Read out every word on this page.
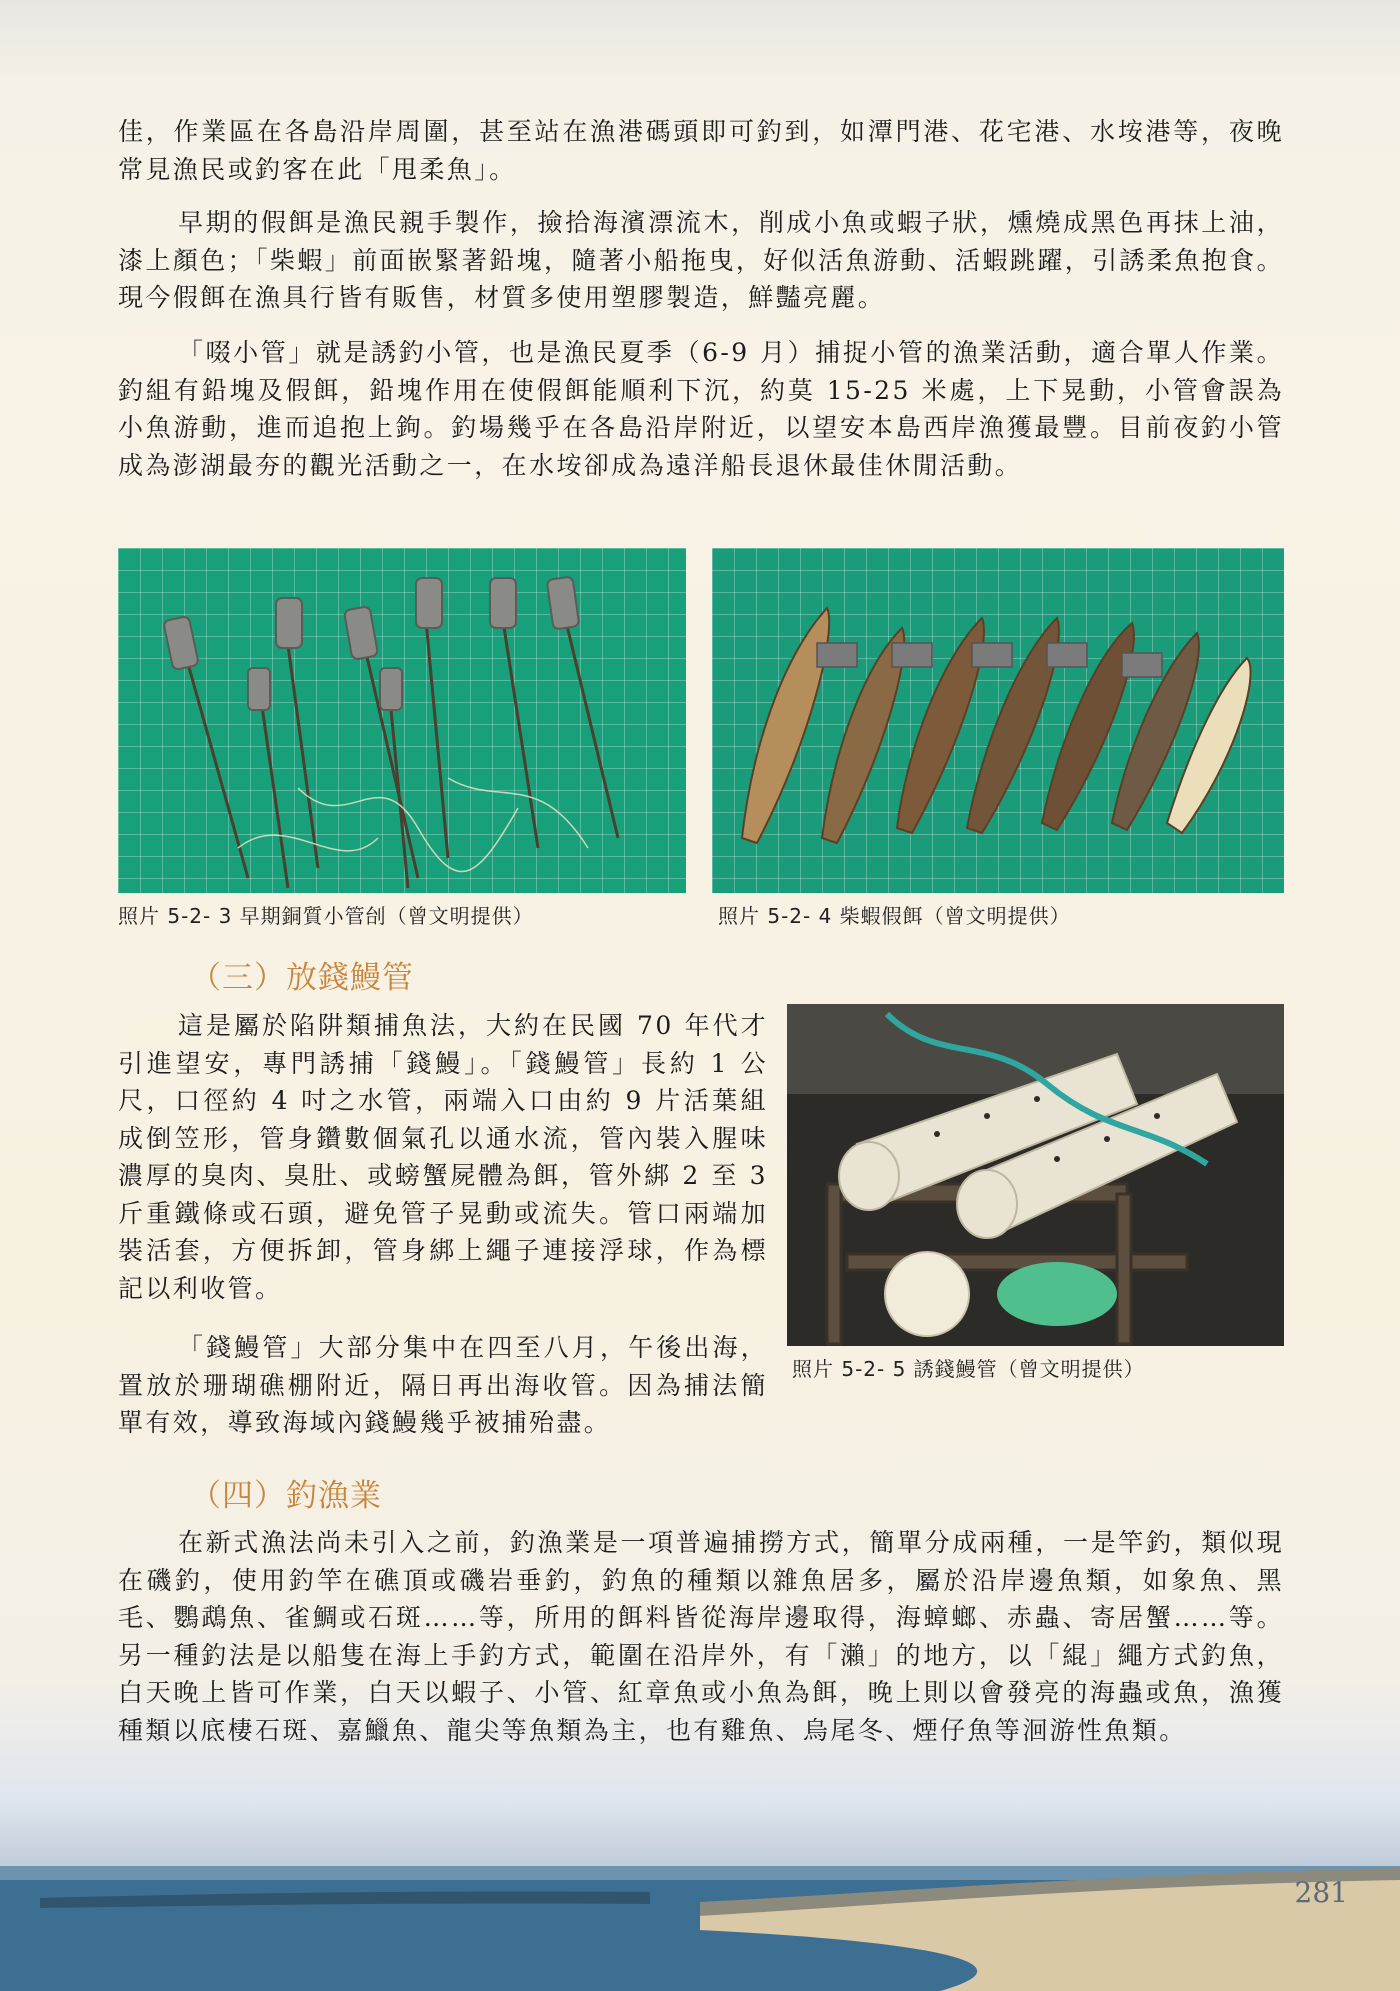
佳，作業區在各島沿岸周圍，甚至站在漁港碼頭即可釣到，如潭門港、花宅港、水垵港等，夜晚常見漁民或釣客在此「甩柔魚」。

早期的假餌是漁民親手製作，撿拾海濱漂流木，削成小魚或蝦子狀，燻燒成黑色再抹上油，漆上顏色；「柴蝦」前面嵌緊著鉛塊，隨著小船拖曳，好似活魚游動、活蝦跳躍，引誘柔魚抱食。現今假餌在漁具行皆有販售，材質多使用塑膠製造，鮮豔亮麗。

「啜小管」就是誘釣小管，也是漁民夏季（6-9 月）捕捉小管的漁業活動，適合單人作業。釣組有鉛塊及假餌，鉛塊作用在使假餌能順利下沉，約莫 15-25 米處，上下晃動，小管會誤為小魚游動，進而追抱上鉤。釣場幾乎在各島沿岸附近，以望安本島西岸漁獲最豐。目前夜釣小管成為澎湖最夯的觀光活動之一，在水垵卻成為遠洋船長退休最佳休閒活動。

照片 5-2- 3 早期銅質小管刣（曾文明提供）	照片 5-2- 4 柴蝦假餌（曾文明提供）
（三）放錢鰻管

這是屬於陷阱類捕魚法，大約在民國 70 年代才引進望安，專門誘捕「錢鰻」。「錢鰻管」長約 1 公尺，口徑約 4 吋之水管，兩端入口由約 9 片活葉組成倒笠形，管身鑽數個氣孔以通水流，管內裝入腥味濃厚的臭肉、臭肚、或螃蟹屍體為餌，管外綁 2 至 3 斤重鐵條或石頭，避免管子晃動或流失。管口兩端加裝活套，方便拆卸，管身綁上繩子連接浮球，作為標記以利收管。

「錢鰻管」大部分集中在四至八月，午後出海，置放於珊瑚礁棚附近，隔日再出海收管。因為捕法簡單有效，導致海域內錢鰻幾乎被捕殆盡。

照片 5-2- 5 誘錢鰻管（曾文明提供）
（四）釣漁業

在新式漁法尚未引入之前，釣漁業是一項普遍捕撈方式，簡單分成兩種，一是竿釣，類似現在磯釣，使用釣竿在礁頂或磯岩垂釣，釣魚的種類以雜魚居多，屬於沿岸邊魚類，如象魚、黑毛、鸚鵡魚、雀鯛或石斑……等，所用的餌料皆從海岸邊取得，海蟑螂、赤蟲、寄居蟹……等。另一種釣法是以船隻在海上手釣方式，範圍在沿岸外，有「瀨」的地方，以「緄」繩方式釣魚，白天晚上皆可作業，白天以蝦子、小管、紅章魚或小魚為餌，晚上則以會發亮的海蟲或魚，漁獲種類以底棲石斑、嘉鱲魚、龍尖等魚類為主，也有雞魚、烏尾冬、煙仔魚等洄游性魚類。

281
